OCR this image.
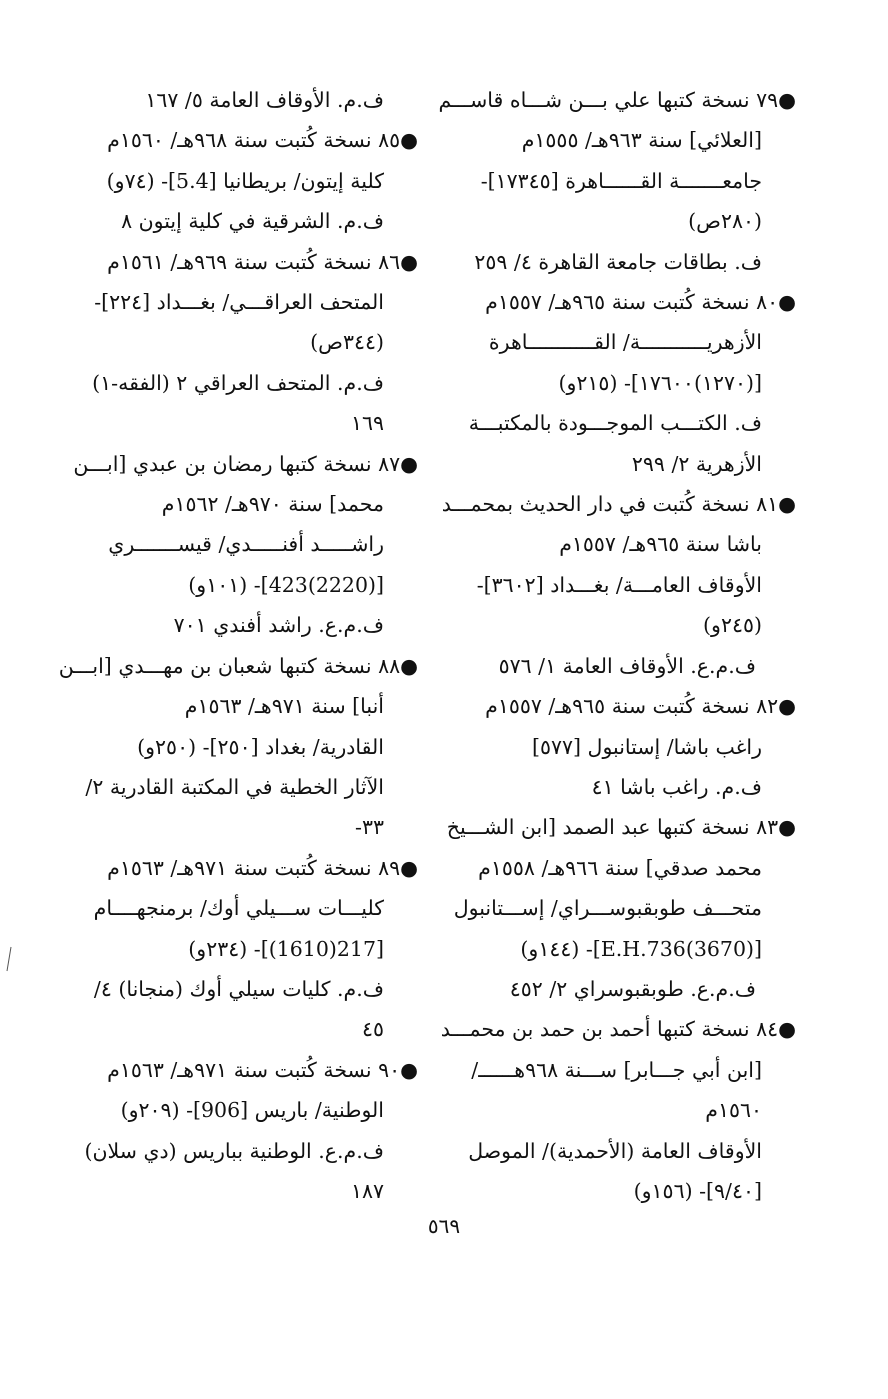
●٧٩ نسخة كتبها علي بـــن شـــاه قاســـم
[العلائي] سنة ٩٦٣هـ/ ١٥٥٥م
جامعـــــــة القــــــاهرة [١٧٣٤٥]-
(٢٨٠ص)
ف. بطاقات جامعة القاهرة ٤/ ٢٥٩
●٨٠ نسخة كُتبت سنة ٩٦٥هـ/ ١٥٥٧م
الأزهريـــــــــــة/ القـــــــــــاهرة
[(١٢٧٠)١٧٦٠٠]- (٢١٥و)
ف. الكتـــب الموجـــودة بالمكتبـــة
الأزهرية ٢/ ٢٩٩
●٨١ نسخة كُتبت في دار الحديث بمحمـــد
باشا سنة ٩٦٥هـ/ ١٥٥٧م
الأوقاف العامـــة/ بغـــداد [٣٦٠٢]-
(٢٤٥و)
ف.م.ع. الأوقاف العامة ١/ ٥٧٦
●٨٢ نسخة كُتبت سنة ٩٦٥هـ/ ١٥٥٧م
راغب باشا/ إستانبول [٥٧٧]
ف.م. راغب باشا ٤١
●٨٣ نسخة كتبها عبد الصمد [ابن الشـــيخ
محمد صدقي] سنة ٩٦٦هـ/ ١٥٥٨م
متحـــف طوبقبوســـراي/ إســـتانبول
[(3670)E.H.736]- (١٤٤و)
ف.م.ع. طوبقبوسراي ٢/ ٤٥٢
●٨٤ نسخة كتبها أحمد بن حمد بن محمـــد
[ابن أبي جـــابر] ســـنة ٩٦٨هــــــ/
١٥٦٠م
الأوقاف العامة (الأحمدية)/ الموصل
[٩/٤٠]- (١٥٦و)
ف.م. الأوقاف العامة ٥/ ١٦٧
●٨٥ نسخة كُتبت سنة ٩٦٨هـ/ ١٥٦٠م
كلية إيتون/ بريطانيا [5.4]- (٧٤و)
ف.م. الشرقية في كلية إيتون ٨
●٨٦ نسخة كُتبت سنة ٩٦٩هـ/ ١٥٦١م
المتحف العراقـــي/ بغـــداد [٢٢٤]-
(٣٤٤ص)
ف.م. المتحف العراقي ٢ (الفقه-١)
١٦٩
●٨٧ نسخة كتبها رمضان بن عبدي [ابـــن
محمد] سنة ٩٧٠هـ/ ١٥٦٢م
راشـــــد أفنـــــدي/ قيســـــــري
[(2220)423]- (١٠١و)
ف.م.ع. راشد أفندي ٧٠١
●٨٨ نسخة كتبها شعبان بن مهـــدي [ابـــن
أنبا] سنة ٩٧١هـ/ ١٥٦٣م
القادرية/ بغداد [٢٥٠]- (٢٥٠و)
الآثار الخطية في المكتبة القادرية ٢/
٣٣-
●٨٩ نسخة كُتبت سنة ٩٧١هـ/ ١٥٦٣م
كليـــات ســـيلي أوك/ برمنجهــــام
[217(1610)]- (٢٣٤و)
ف.م. كليات سيلي أوك (منجانا) ٤/
٤٥
●٩٠ نسخة كُتبت سنة ٩٧١هـ/ ١٥٦٣م
الوطنية/ باريس [906]- (٢٠٩و)
ف.م.ع. الوطنية بباريس (دي سلان)
١٨٧
٥٦٩
